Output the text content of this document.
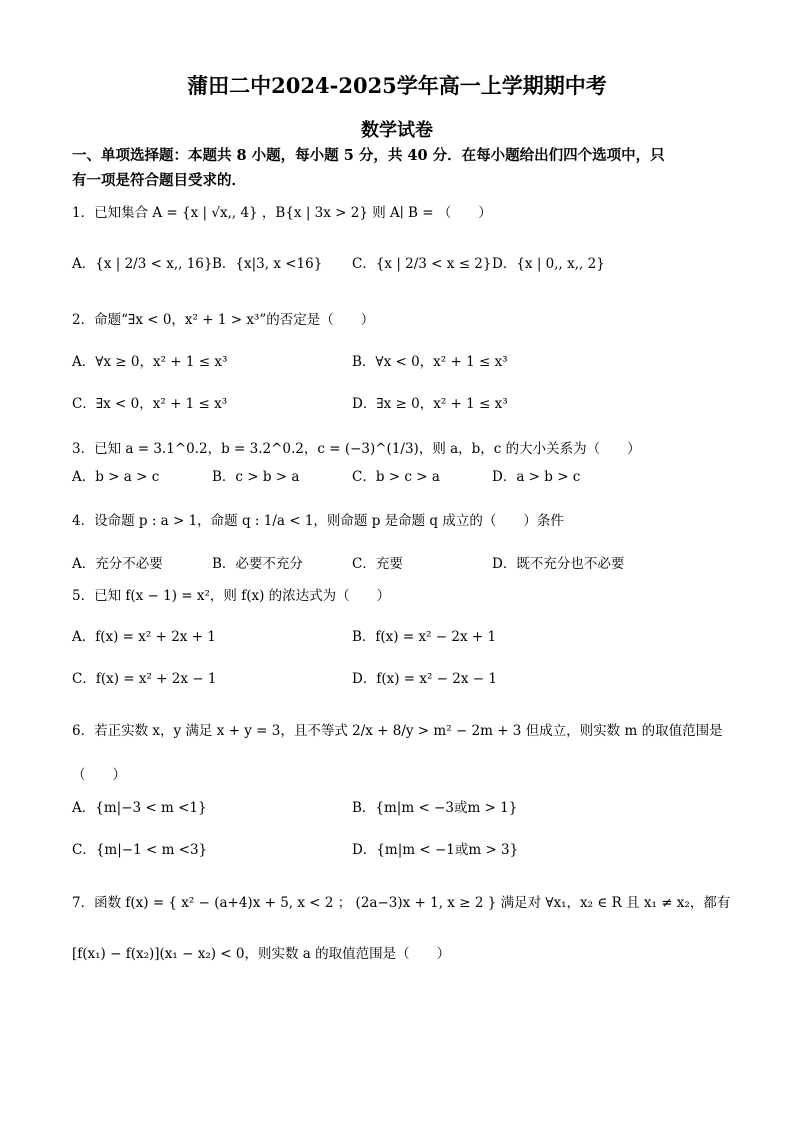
蒲田二中2024-2025学年高一上学期期中考
数学试卷
一、单项选择题：本题共 8 小题，每小题 5 分，共 40 分．在每小题给出们四个选项中，只
有一项是符合题目受求的．
1．已知集合 A = {x | √x,, 4} ，B{x | 3x > 2} 则 A∣ B = （　　）
A．{x | 2/3 < x,, 16} B．{x|3, x <16} C．{x | 2/3 < x ≤ 2} D．{x | 0,, x,, 2}
2．命题“∃x < 0，x² + 1 > x³”的否定是（　　）
A．∀x ≥ 0，x² + 1 ≤ x³	B．∀x < 0，x² + 1 ≤ x³
C．∃x < 0，x² + 1 ≤ x³	D．∃x ≥ 0，x² + 1 ≤ x³
3．已知 a = 3.1^0.2，b = 3.2^0.2，c = (−3)^(1/3)，则 a，b，c 的大小关系为（　　）
A．b > a > c	B．c > b > a	C．b > c > a	D．a > b > c
4．设命题 p : a > 1，命题 q : 1/a < 1，则命题 p 是命题 q 成立的（　　）条件
A．充分不必要	B．必要不充分	C．充要	D．既不充分也不必要
5．已知 f(x − 1) = x²，则 f(x) 的浓达式为（　　）
A．f(x) = x² + 2x + 1	B．f(x) = x² − 2x + 1
C．f(x) = x² + 2x − 1	D．f(x) = x² − 2x − 1
6．若正实数 x，y 满足 x + y = 3，且不等式 2/x + 8/y > m² − 2m + 3 但成立，则实数 m 的取值范围是
（　　）
A．{m|−3 < m <1}	B．{m|m < −3或m > 1}
C．{m|−1 < m <3}	D．{m|m < −1或m > 3}
7．函数 f(x) = { x² − (a+4)x + 5, x < 2 ； (2a−3)x + 1, x ≥ 2 } 满足对 ∀x₁，x₂ ∈ R 且 x₁ ≠ x₂，都有
[f(x₁) − f(x₂)](x₁ − x₂) < 0，则实数 a 的取值范围是（　　）
